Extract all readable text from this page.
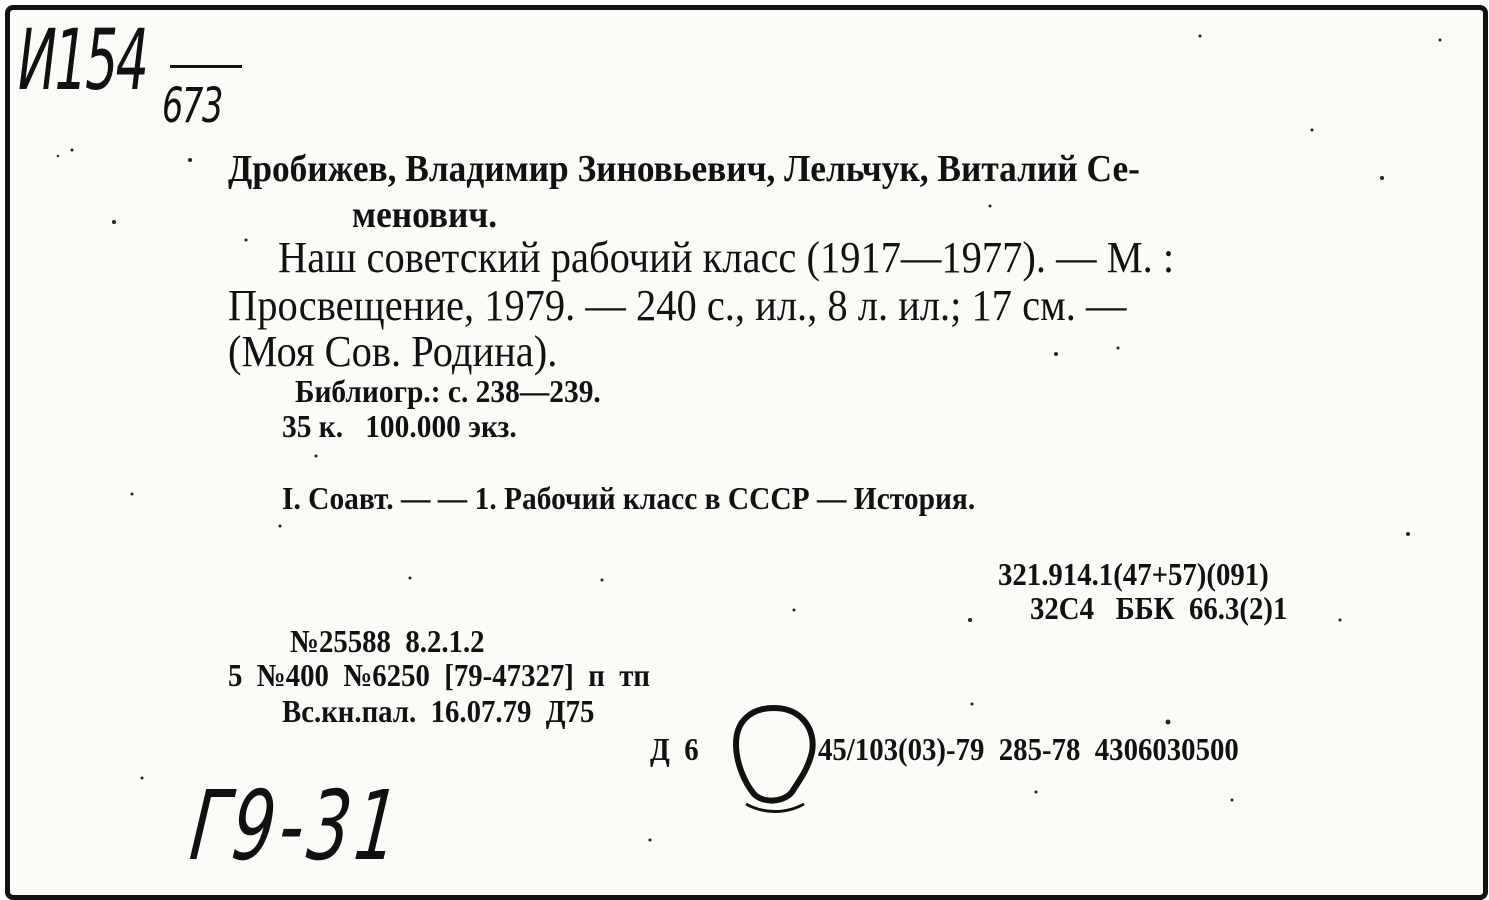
И154 673
Дробижев, Владимир Зиновьевич, Лельчук, Виталий Се-
менович.
Наш советский рабочий класс (1917—1977). — М. :
Просвещение, 1979. — 240 с., ил., 8 л. ил.; 17 см. —
(Моя Сов. Родина).
Библиогр.: с. 238—239.
35 к.   100.000 экз.
I. Соавт. — — 1. Рабочий класс в СССР — История.
321.914.1(47+57)(091)
32С4   ББК  66.3(2)1
№25588  8.2.1.2
5  №400  №6250  [79-47327]  п  тп
Вс.кн.пал.  16.07.79  Д75
Д  6	45/103(03)-79  285-78  4306030500
Г9-31
